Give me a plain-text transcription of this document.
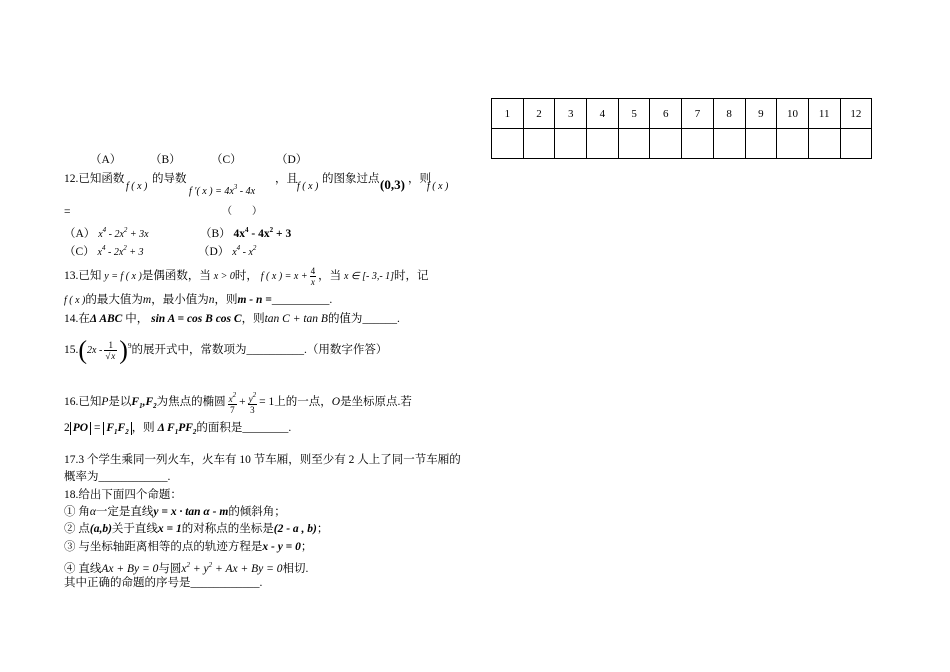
1	2	3	4	5	6	7	8	9	10	11	12

（A） （B）	（C）	（D）
12.已知函数
f ( x )
的导数
f ′( x ) = $4x^3 - 4x$
，且
f ( x )
的图象过点 (0,3) ，则
f ( x )
=	（　　）
（A） $x^4 - 2x^2 + 3x$	（B） $4x^4 - 4x^2 + 3$
（C） $x^4 - 2x^2 + 3$	（D） $x^4 - x^2$
13.已知 y = f ( x )是偶函数，当 x > 0时， f ( x ) = $x + \frac{4}{x}$ ，当 x ∈ [- 3,- 1]时，记
f ( x )的最大值为m，最小值为n，则m - n =__________.
14.在Δ ABC 中， sin A = cos B cos C，则tan C + tan B的值为______.
$15.(2x - \frac{1}{√x} )^9$的展开式中，常数项为__________.（用数字作答）
16.已知P是以$F_1,F_2$为焦点的椭圆 $\frac{x^2}{7} + \frac{y^2}{3} = 1$上的一点，O是坐标原点.若
2 PO = $F_1F_2$ ，则 Δ $F_1PF_2$的面积是________.
17.3 个学生乘同一列火车，火车有 10 节车厢，则至少有 2 人上了同一节车厢的
概率为____________.
18.给出下面四个命题：
① 角α一定是直线y = x · tan α - m的倾斜角；
② 点(a,b)关于直线x = 1的对称点的坐标是(2 - a , b)；
③ 与坐标轴距离相等的点的轨迹方程是x - y = 0；
④ 直线Ax + By = 0与圆$x^2 + y^2 + Ax + By = 0$相切.
其中正确的命题的序号是____________.
